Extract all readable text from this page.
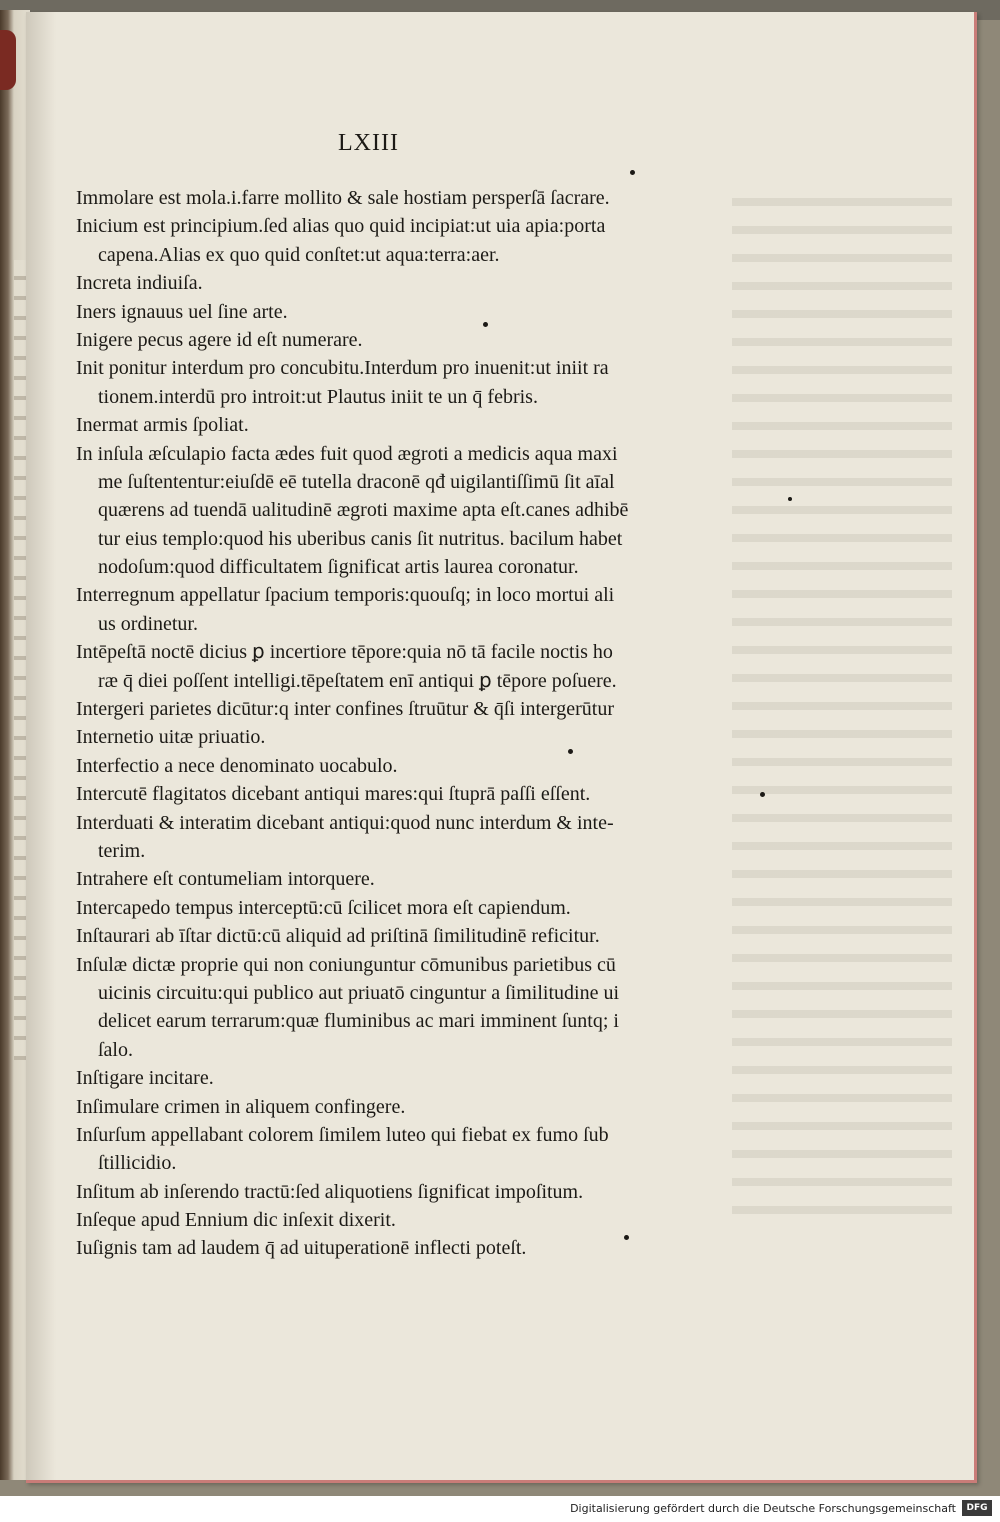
LXIII
Immolare est mola.i.farre mollito & sale hostiam persperſā ſacrare.
Inicium est principium.ſed alias quo quid incipiat:ut uia apia:porta
capena.Alias ex quo quid conſtet:ut aqua:terra:aer.
Increta indiuiſa.
Iners ignauus uel ſine arte.
Inigere pecus agere id eſt numerare.
Init ponitur interdum pro concubitu.Interdum pro inuenit:ut iniit ra
tionem.interdū pro introit:ut Plautus iniit te un q̄ febris.
Inermat armis ſpoliat.
In inſula æſculapio facta ædes fuit quod ægroti a medicis aqua maxi
me ſuſtententur:eiuſdē eē tutella draconē qđ uigilantiſſimū ſit aīal
quærens ad tuendā ualitudinē ægroti maxime apta eſt.canes adhibē
tur eius templo:quod his uberibus canis ſit nutritus. bacilum habet
nodoſum:quod difficultatem ſignificat artis laurea coronatur.
Interregnum appellatur ſpacium temporis:quouſq; in loco mortui ali
us ordinetur.
Intēpeſtā noctē dicius ꝑ incertiore tēpore:quia nō tā facile noctis ho
ræ q̄ diei poſſent intelligi.tēpeſtatem enī antiqui ꝑ tēpore poſuere.
Intergeri parietes dicūtur:q inter confines ſtruūtur & q̄ſi intergerūtur
Internetio uitæ priuatio.
Interfectio a nece denominato uocabulo.
Intercutē flagitatos dicebant antiqui mares:qui ſtuprā paſſi eſſent.
Interduati & interatim dicebant antiqui:quod nunc interdum & inte-
terim.
Intrahere eſt contumeliam intorquere.
Intercapedo tempus interceptū:cū ſcilicet mora eſt capiendum.
Inſtaurari ab īſtar dictū:cū aliquid ad priſtinā ſimilitudinē reficitur.
Inſulæ dictæ proprie qui non coniunguntur cōmunibus parietibus cū
uicinis circuitu:qui publico aut priuatō cinguntur a ſimilitudine ui
delicet earum terrarum:quæ fluminibus ac mari imminent ſuntq; i
ſalo.
Inſtigare incitare.
Inſimulare crimen in aliquem confingere.
Inſurſum appellabant colorem ſimilem luteo qui fiebat ex fumo ſub
ſtillicidio.
Inſitum ab inſerendo tractū:ſed aliquotiens ſignificat impoſitum.
Inſeque apud Ennium dic inſexit dixerit.
Iuſignis tam ad laudem q̄ ad uituperationē inflecti poteſt.
Digitalisierung gefördert durch die Deutsche Forschungsgemeinschaft	DFG
